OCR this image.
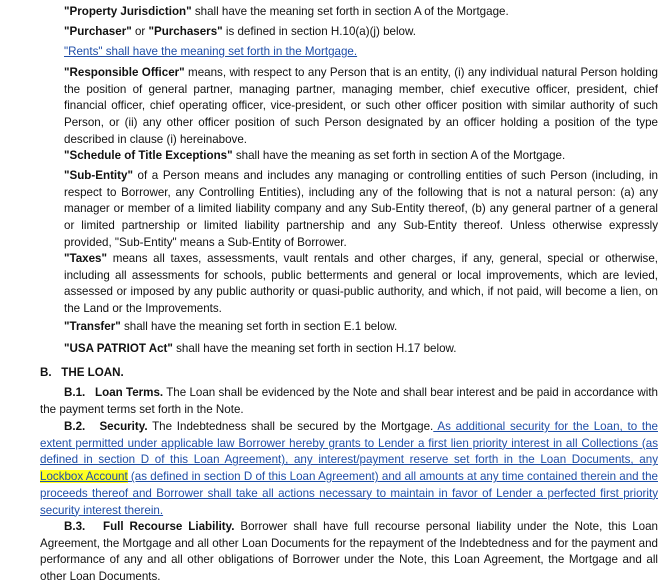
"Property Jurisdiction" shall have the meaning set forth in section A of the Mortgage.
"Purchaser" or "Purchasers" is defined in section H.10(a)(j) below.
"Rents" shall have the meaning set forth in the Mortgage.
"Responsible Officer" means, with respect to any Person that is an entity, (i) any individual natural Person holding the position of general partner, managing partner, managing member, chief executive officer, president, chief financial officer, chief operating officer, vice-president, or such other officer position with similar authority of such Person, or (ii) any other officer position of such Person designated by an officer holding a position of the type described in clause (i) hereinabove.
"Schedule of Title Exceptions" shall have the meaning as set forth in section A of the Mortgage.
"Sub-Entity" of a Person means and includes any managing or controlling entities of such Person (including, in respect to Borrower, any Controlling Entities), including any of the following that is not a natural person: (a) any manager or member of a limited liability company and any Sub-Entity thereof, (b) any general partner of a general or limited partnership or limited liability partnership and any Sub-Entity thereof. Unless otherwise expressly provided, "Sub-Entity" means a Sub-Entity of Borrower.
"Taxes" means all taxes, assessments, vault rentals and other charges, if any, general, special or otherwise, including all assessments for schools, public betterments and general or local improvements, which are levied, assessed or imposed by any public authority or quasi-public authority, and which, if not paid, will become a lien, on the Land or the Improvements.
"Transfer" shall have the meaning set forth in section E.1 below.
"USA PATRIOT Act" shall have the meaning set forth in section H.17 below.
B.   THE LOAN.
B.1. Loan Terms. The Loan shall be evidenced by the Note and shall bear interest and be paid in accordance with the payment terms set forth in the Note.
B.2. Security. The Indebtedness shall be secured by the Mortgage. As additional security for the Loan, to the extent permitted under applicable law Borrower hereby grants to Lender a first lien priority interest in all Collections (as defined in section D of this Loan Agreement), any interest/payment reserve set forth in the Loan Documents, any Lockbox Account (as defined in section D of this Loan Agreement) and all amounts at any time contained therein and the proceeds thereof and Borrower shall take all actions necessary to maintain in favor of Lender a perfected first priority security interest therein.
B.3. Full Recourse Liability. Borrower shall have full recourse personal liability under the Note, this Loan Agreement, the Mortgage and all other Loan Documents for the repayment of the Indebtedness and for the payment and performance of any and all other obligations of Borrower under the Note, this Loan Agreement, the Mortgage and all other Loan Documents.
